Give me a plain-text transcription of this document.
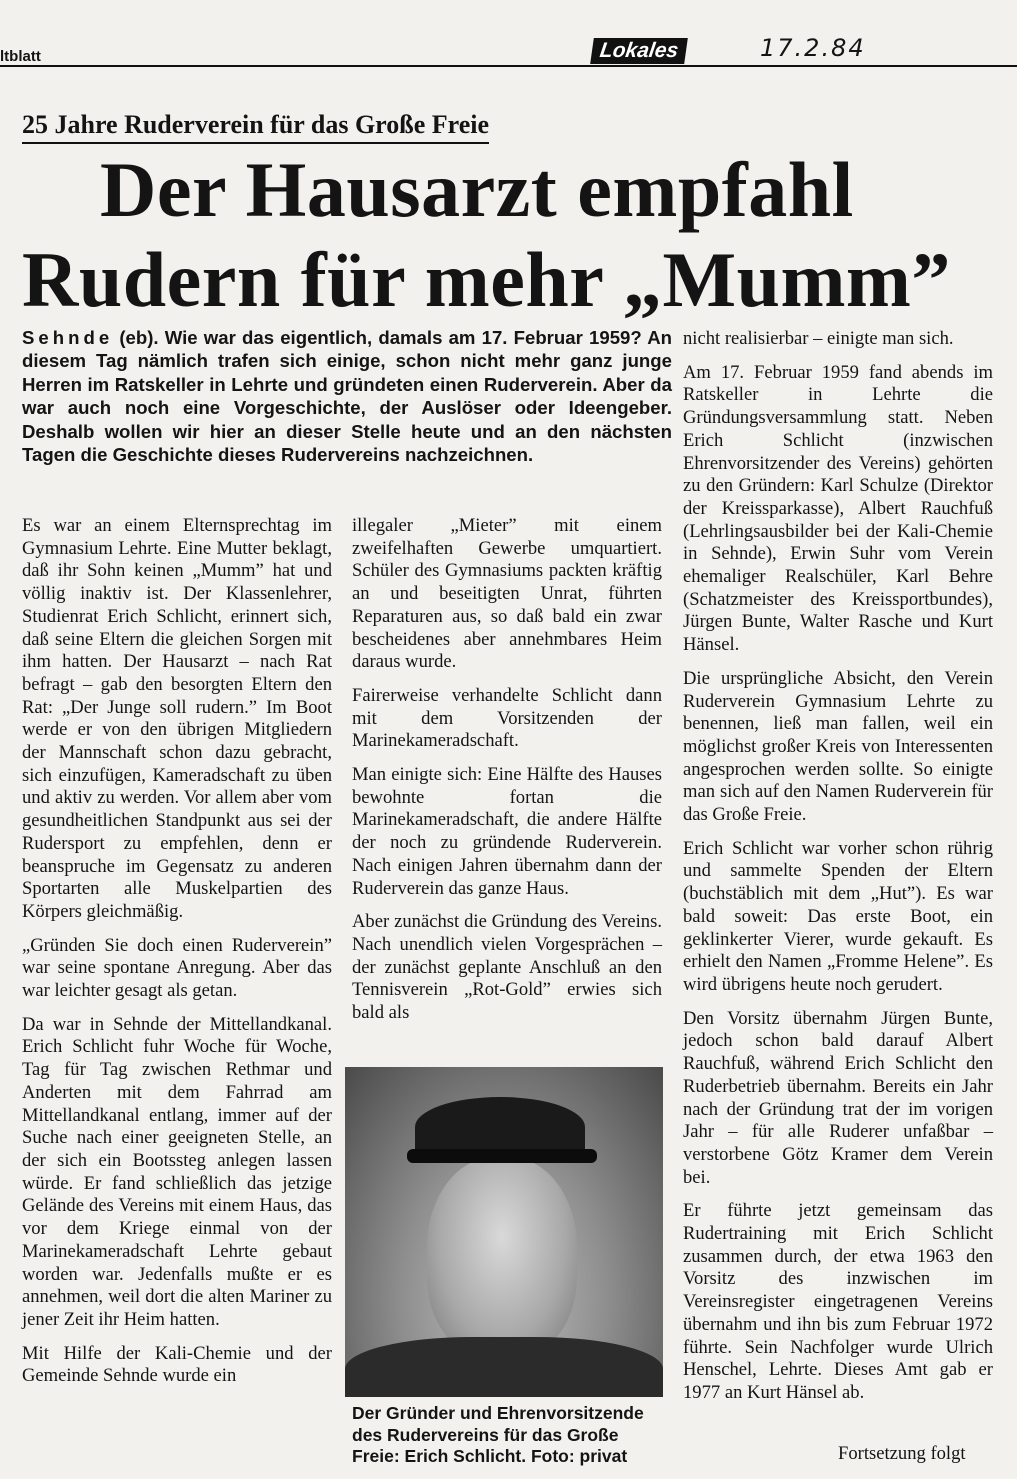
ltblatt	Lokales	17.2.84
25 Jahre Ruderverein für das Große Freie
Der Hausarzt empfahl
Rudern für mehr „Mumm”
Sehnde (eb). Wie war das eigentlich, damals am 17. Februar 1959? An diesem Tag nämlich trafen sich einige, schon nicht mehr ganz junge Herren im Ratskeller in Lehrte und gründeten einen Ruderverein. Aber da war auch noch eine Vorgeschichte, der Auslöser oder Ideengeber. Deshalb wollen wir hier an dieser Stelle heute und an den nächsten Tagen die Geschichte dieses Rudervereins nachzeichnen.

Es war an einem Elternsprechtag im Gymnasium Lehrte. Eine Mutter beklagt, daß ihr Sohn keinen „Mumm” hat und völlig inaktiv ist. Der Klassenlehrer, Studienrat Erich Schlicht, erinnert sich, daß seine Eltern die gleichen Sorgen mit ihm hatten. Der Hausarzt – nach Rat befragt – gab den besorgten Eltern den Rat: „Der Junge soll rudern.” Im Boot werde er von den übrigen Mitgliedern der Mannschaft schon dazu gebracht, sich einzufügen, Kameradschaft zu üben und aktiv zu werden. Vor allem aber vom gesundheitlichen Standpunkt aus sei der Rudersport zu empfehlen, denn er beanspruche im Gegensatz zu anderen Sportarten alle Muskelpartien des Körpers gleichmäßig.

„Gründen Sie doch einen Ruderverein” war seine spontane Anregung. Aber das war leichter gesagt als getan.

Da war in Sehnde der Mittellandkanal. Erich Schlicht fuhr Woche für Woche, Tag für Tag zwischen Rethmar und Anderten mit dem Fahrrad am Mittellandkanal entlang, immer auf der Suche nach einer geeigneten Stelle, an der sich ein Bootssteg anlegen lassen würde. Er fand schließlich das jetzige Gelände des Vereins mit einem Haus, das vor dem Kriege einmal von der Marinekameradschaft Lehrte gebaut worden war. Jedenfalls mußte er es annehmen, weil dort die alten Mariner zu jener Zeit ihr Heim hatten.

Mit Hilfe der Kali-Chemie und der Gemeinde Sehnde wurde ein

illegaler „Mieter” mit einem zweifelhaften Gewerbe umquartiert. Schüler des Gymnasiums packten kräftig an und beseitigten Unrat, führten Reparaturen aus, so daß bald ein zwar bescheidenes aber annehmbares Heim daraus wurde.

Fairerweise verhandelte Schlicht dann mit dem Vorsitzenden der Marinekameradschaft.

Man einigte sich: Eine Hälfte des Hauses bewohnte fortan die Marinekameradschaft, die andere Hälfte der noch zu gründende Ruderverein. Nach einigen Jahren übernahm dann der Ruderverein das ganze Haus.

Aber zunächst die Gründung des Vereins. Nach unendlich vielen Vorgesprächen – der zunächst geplante Anschluß an den Tennisverein „Rot-Gold” erwies sich bald als

Der Gründer und Ehrenvorsitzende des Rudervereins für das Große Freie: Erich Schlicht. Foto: privat

nicht realisierbar – einigte man sich.

Am 17. Februar 1959 fand abends im Ratskeller in Lehrte die Gründungsversammlung statt. Neben Erich Schlicht (inzwischen Ehrenvorsitzender des Vereins) gehörten zu den Gründern: Karl Schulze (Direktor der Kreissparkasse), Albert Rauchfuß (Lehrlingsausbilder bei der Kali-Chemie in Sehnde), Erwin Suhr vom Verein ehemaliger Realschüler, Karl Behre (Schatzmeister des Kreissportbundes), Jürgen Bunte, Walter Rasche und Kurt Hänsel.

Die ursprüngliche Absicht, den Verein Ruderverein Gymnasium Lehrte zu benennen, ließ man fallen, weil ein möglichst großer Kreis von Interessenten angesprochen werden sollte. So einigte man sich auf den Namen Ruderverein für das Große Freie.

Erich Schlicht war vorher schon rührig und sammelte Spenden der Eltern (buchstäblich mit dem „Hut”). Es war bald soweit: Das erste Boot, ein geklinkerter Vierer, wurde gekauft. Es erhielt den Namen „Fromme Helene”. Es wird übrigens heute noch gerudert.

Den Vorsitz übernahm Jürgen Bunte, jedoch schon bald darauf Albert Rauchfuß, während Erich Schlicht den Ruderbetrieb übernahm. Bereits ein Jahr nach der Gründung trat der im vorigen Jahr – für alle Ruderer unfaßbar – verstorbene Götz Kramer dem Verein bei.

Er führte jetzt gemeinsam das Rudertraining mit Erich Schlicht zusammen durch, der etwa 1963 den Vorsitz des inzwischen im Vereinsregister eingetragenen Vereins übernahm und ihn bis zum Februar 1972 führte. Sein Nachfolger wurde Ulrich Henschel, Lehrte. Dieses Amt gab er 1977 an Kurt Hänsel ab.

Fortsetzung folgt
